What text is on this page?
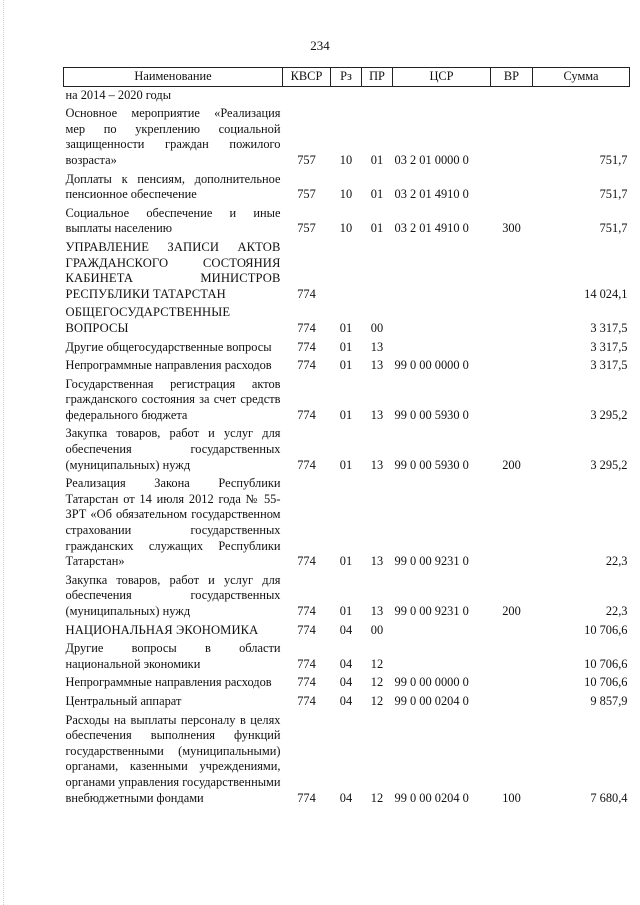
234
Наименование	КВСР	Рз	ПР	ЦСР	ВР	Сумма
на 2014 – 2020 годы						
Основное мероприятие «Реализация мер по укреплению социальной защищенности граждан пожилого возраста»	757	10	01	03 2 01 0000 0		751,7
Доплаты к пенсиям, дополнительное пенсионное обеспечение	757	10	01	03 2 01 4910 0		751,7
Социальное обеспечение и иные выплаты населению	757	10	01	03 2 01 4910 0	300	751,7
УПРАВЛЕНИЕ ЗАПИСИ АКТОВ ГРАЖДАНСКОГО СОСТОЯНИЯ КАБИНЕТА МИНИСТРОВ РЕСПУБЛИКИ ТАТАРСТАН	774					14 024,1
ОБЩЕГОСУДАРСТВЕННЫЕ ВОПРОСЫ	774	01	00			3 317,5
Другие общегосударственные вопросы	774	01	13			3 317,5
Непрограммные направления расходов	774	01	13	99 0 00 0000 0		3 317,5
Государственная регистрация актов гражданского состояния за счет средств федерального бюджета	774	01	13	99 0 00 5930 0		3 295,2
Закупка товаров, работ и услуг для обеспечения государственных (муниципальных) нужд	774	01	13	99 0 00 5930 0	200	3 295,2
Реализация Закона Республики Татарстан от 14 июля 2012 года № 55-ЗРТ «Об обязательном государственном страховании государственных гражданских служащих Республики Татарстан»	774	01	13	99 0 00 9231 0		22,3
Закупка товаров, работ и услуг для обеспечения государственных (муниципальных) нужд	774	01	13	99 0 00 9231 0	200	22,3
НАЦИОНАЛЬНАЯ ЭКОНОМИКА	774	04	00			10 706,6
Другие вопросы в области национальной экономики	774	04	12			10 706,6
Непрограммные направления расходов	774	04	12	99 0 00 0000 0		10 706,6
Центральный аппарат	774	04	12	99 0 00 0204 0		9 857,9
Расходы на выплаты персоналу в целях обеспечения выполнения функций государственными (муниципальными) органами, казенными учреждениями, органами управления государственными внебюджетными фондами	774	04	12	99 0 00 0204 0	100	7 680,4
